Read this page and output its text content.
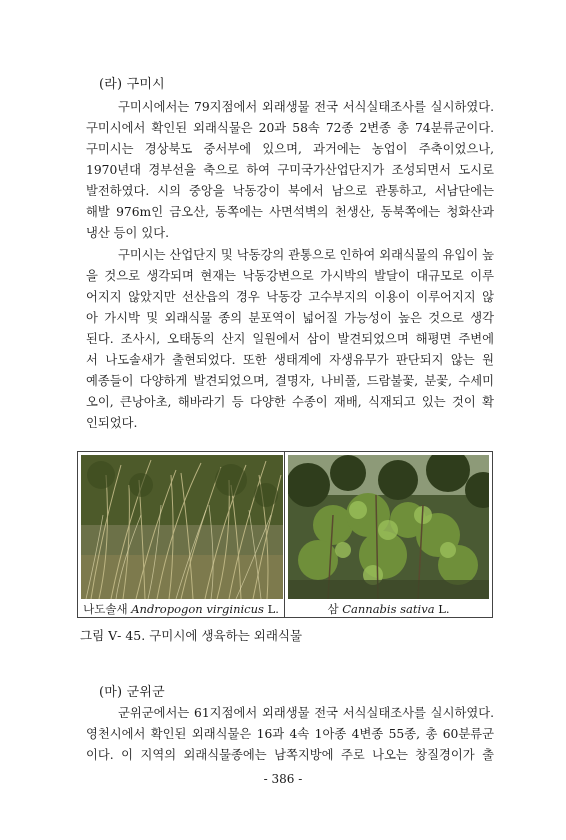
(라) 구미시

구미시에서는 79지점에서 외래생물 전국 서식실태조사를 실시하였다.
구미시에서 확인된 외래식물은 20과 58속 72종 2변종 총 74분류군이다.
구미시는 경상북도 중서부에 있으며, 과거에는 농업이 주축이었으나,
1970년대 경부선을 축으로 하여 구미국가산업단지가 조성되면서 도시로
발전하였다. 시의 중앙을 낙동강이 북에서 남으로 관통하고, 서남단에는
해발 976m인 금오산, 동쪽에는 사면석벽의 천생산, 동북쪽에는 청화산과
냉산 등이 있다.

구미시는 산업단지 및 낙동강의 관통으로 인하여 외래식물의 유입이 높
을 것으로 생각되며 현재는 낙동강변으로 가시박의 발달이 대규모로 이루
어지지 않았지만 선산읍의 경우 낙동강 고수부지의 이용이 이루어지지 않
아 가시박 및 외래식물 종의 분포역이 넓어질 가능성이 높은 것으로 생각
된다. 조사시, 오태동의 산지 일원에서 삼이 발견되었으며 해평면 주변에
서 나도솔새가 출현되었다. 또한 생태계에 자생유무가 판단되지 않는 원
예종들이 다양하게 발견되었으며, 결명자, 나비풀, 드람불꽃, 분꽃, 수세미
오이, 큰낭아초, 해바라기 등 다양한 수종이 재배, 식재되고 있는 것이 확
인되었다.

나도솔새 Andropogon virginicus L.	삼 Cannabis sativa L.
그림 Ⅴ- 45. 구미시에 생육하는 외래식물
(마) 군위군

군위군에서는 61지점에서 외래생물 전국 서식실태조사를 실시하였다.
영천시에서 확인된 외래식물은 16과 4속 1아종 4변종 55종, 총 60분류군
이다. 이 지역의 외래식물종에는 남쪽지방에 주로 나오는 창질경이가 출

- 386 -
